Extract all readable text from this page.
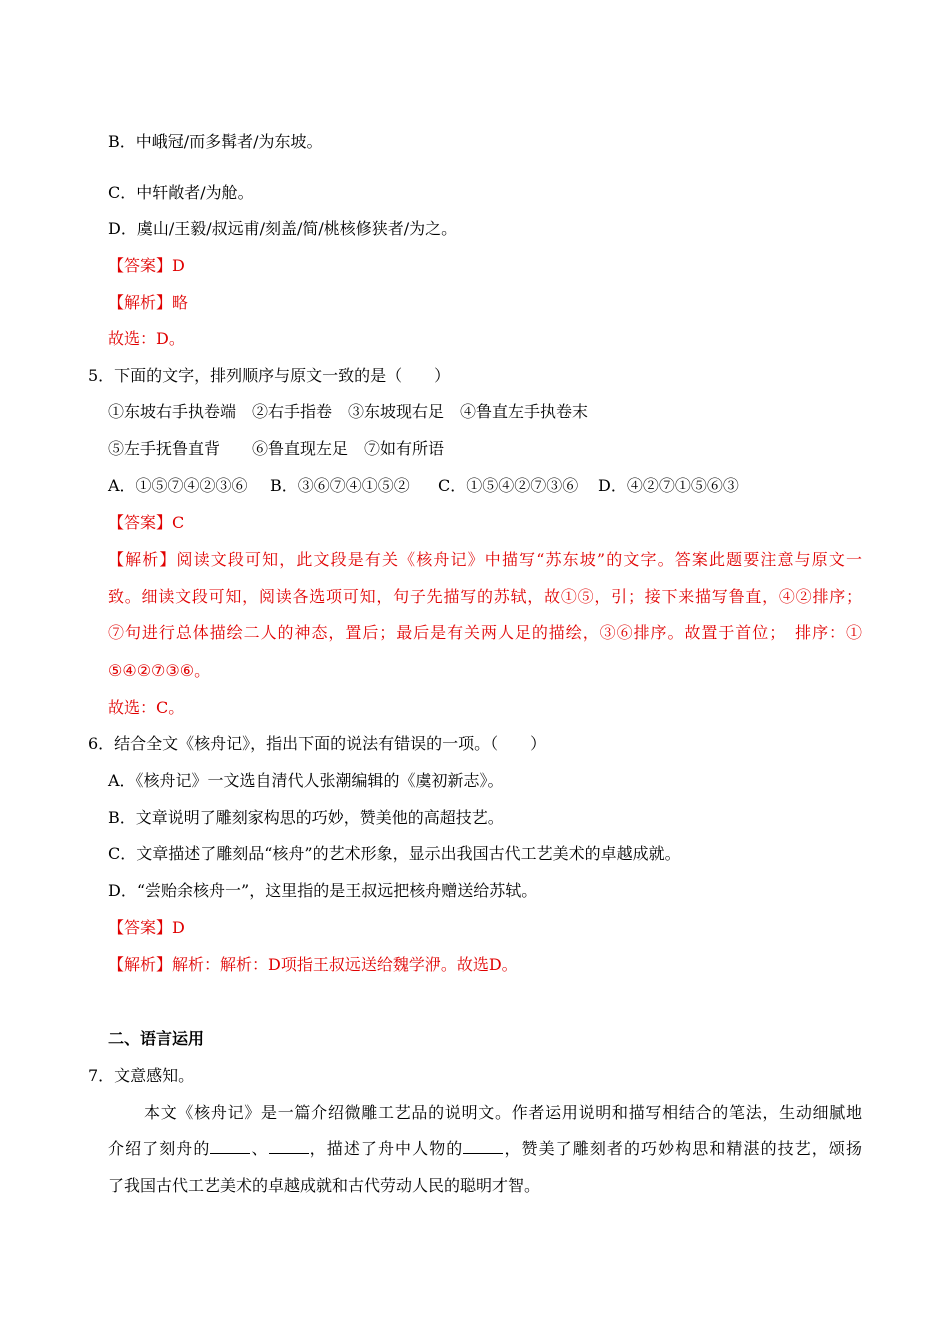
B．中峨冠/而多髯者/为东坡。
C．中轩敞者/为舱。
D．虞山/王毅/叔远甫/刻盖/简/桃核修狭者/为之。
【答案】D
【解析】略
故选：D。
5．下面的文字，排列顺序与原文一致的是（　　）
①东坡右手执卷端　②右手指卷　③东坡现右足　④鲁直左手执卷末
⑤左手抚鲁直背　　⑥鲁直现左足　⑦如有所语
A．①⑤⑦④②③⑥ B．③⑥⑦④①⑤② C．①⑤④②⑦③⑥ D．④②⑦①⑤⑥③
【答案】C
【解析】阅读文段可知，此文段是有关《核舟记》中描写“苏东坡”的文字。答案此题要注意与原文一
致。细读文段可知，阅读各选项可知，句子先描写的苏轼，故①⑤，引；接下来描写鲁直，④②排序；
⑦句进行总体描绘二人的神态，置后；最后是有关两人足的描绘，③⑥排序。故置于首位；　排序：①
⑤④②⑦③⑥。
故选：C。
6．结合全文《核舟记》，指出下面的说法有错误的一项。（　　）
A．《核舟记》一文选自清代人张潮编辑的《虞初新志》。
B．文章说明了雕刻家构思的巧妙，赞美他的高超技艺。
C．文章描述了雕刻品“核舟”的艺术形象，显示出我国古代工艺美术的卓越成就。
D．“尝贻余核舟一”，这里指的是王叔远把核舟赠送给苏轼。
【答案】D
【解析】解析：解析：D项指王叔远送给魏学洢。故选D。
二、语言运用
7．文意感知。
本文《核舟记》是一篇介绍微雕工艺品的说明文。作者运用说明和描写相结合的笔法，生动细腻地
介绍了刻舟的	、	，描述了舟中人物的	，赞美了雕刻者的巧妙构思和精湛的技艺，颂扬
了我国古代工艺美术的卓越成就和古代劳动人民的聪明才智。
